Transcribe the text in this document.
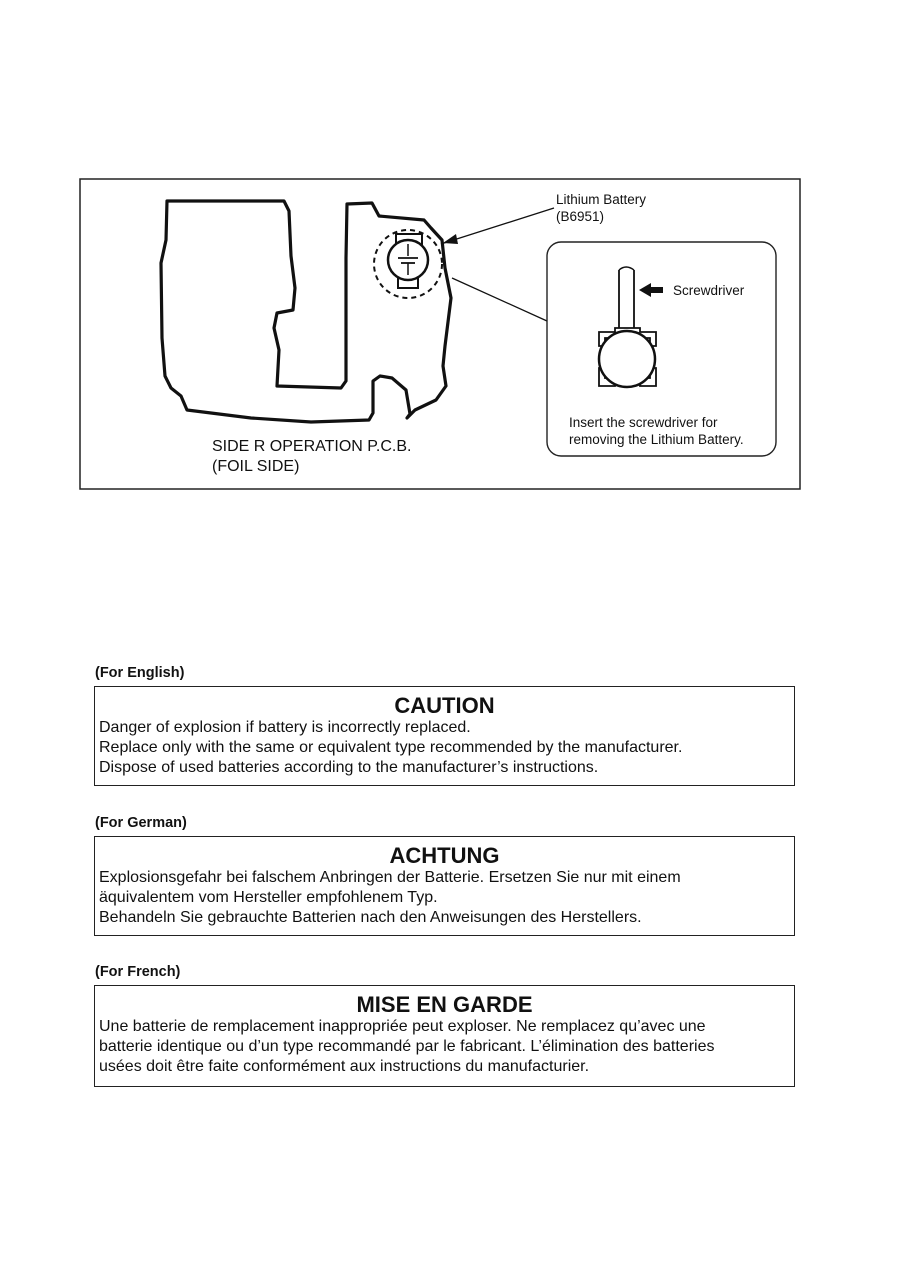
Lithium Battery
(B6951)
Screwdriver
Insert the screwdriver for
removing the Lithium Battery.
SIDE R OPERATION P.C.B.
(FOIL SIDE)
(For English)
CAUTION
Danger of explosion if battery is incorrectly replaced.
Replace only with the same or equivalent type recommended by the manufacturer.
Dispose of used batteries according to the manufacturer’s instructions.
(For German)
ACHTUNG
Explosionsgefahr bei falschem Anbringen der Batterie. Ersetzen Sie nur mit einem
äquivalentem vom Hersteller empfohlenem Typ.
Behandeln Sie gebrauchte Batterien nach den Anweisungen des Herstellers.
(For French)
MISE EN GARDE
Une batterie de remplacement inappropriée peut exploser. Ne remplacez qu’avec une
batterie identique ou d’un type recommandé par le fabricant. L’élimination des batteries
usées doit être faite conformément aux instructions du manufacturier.
